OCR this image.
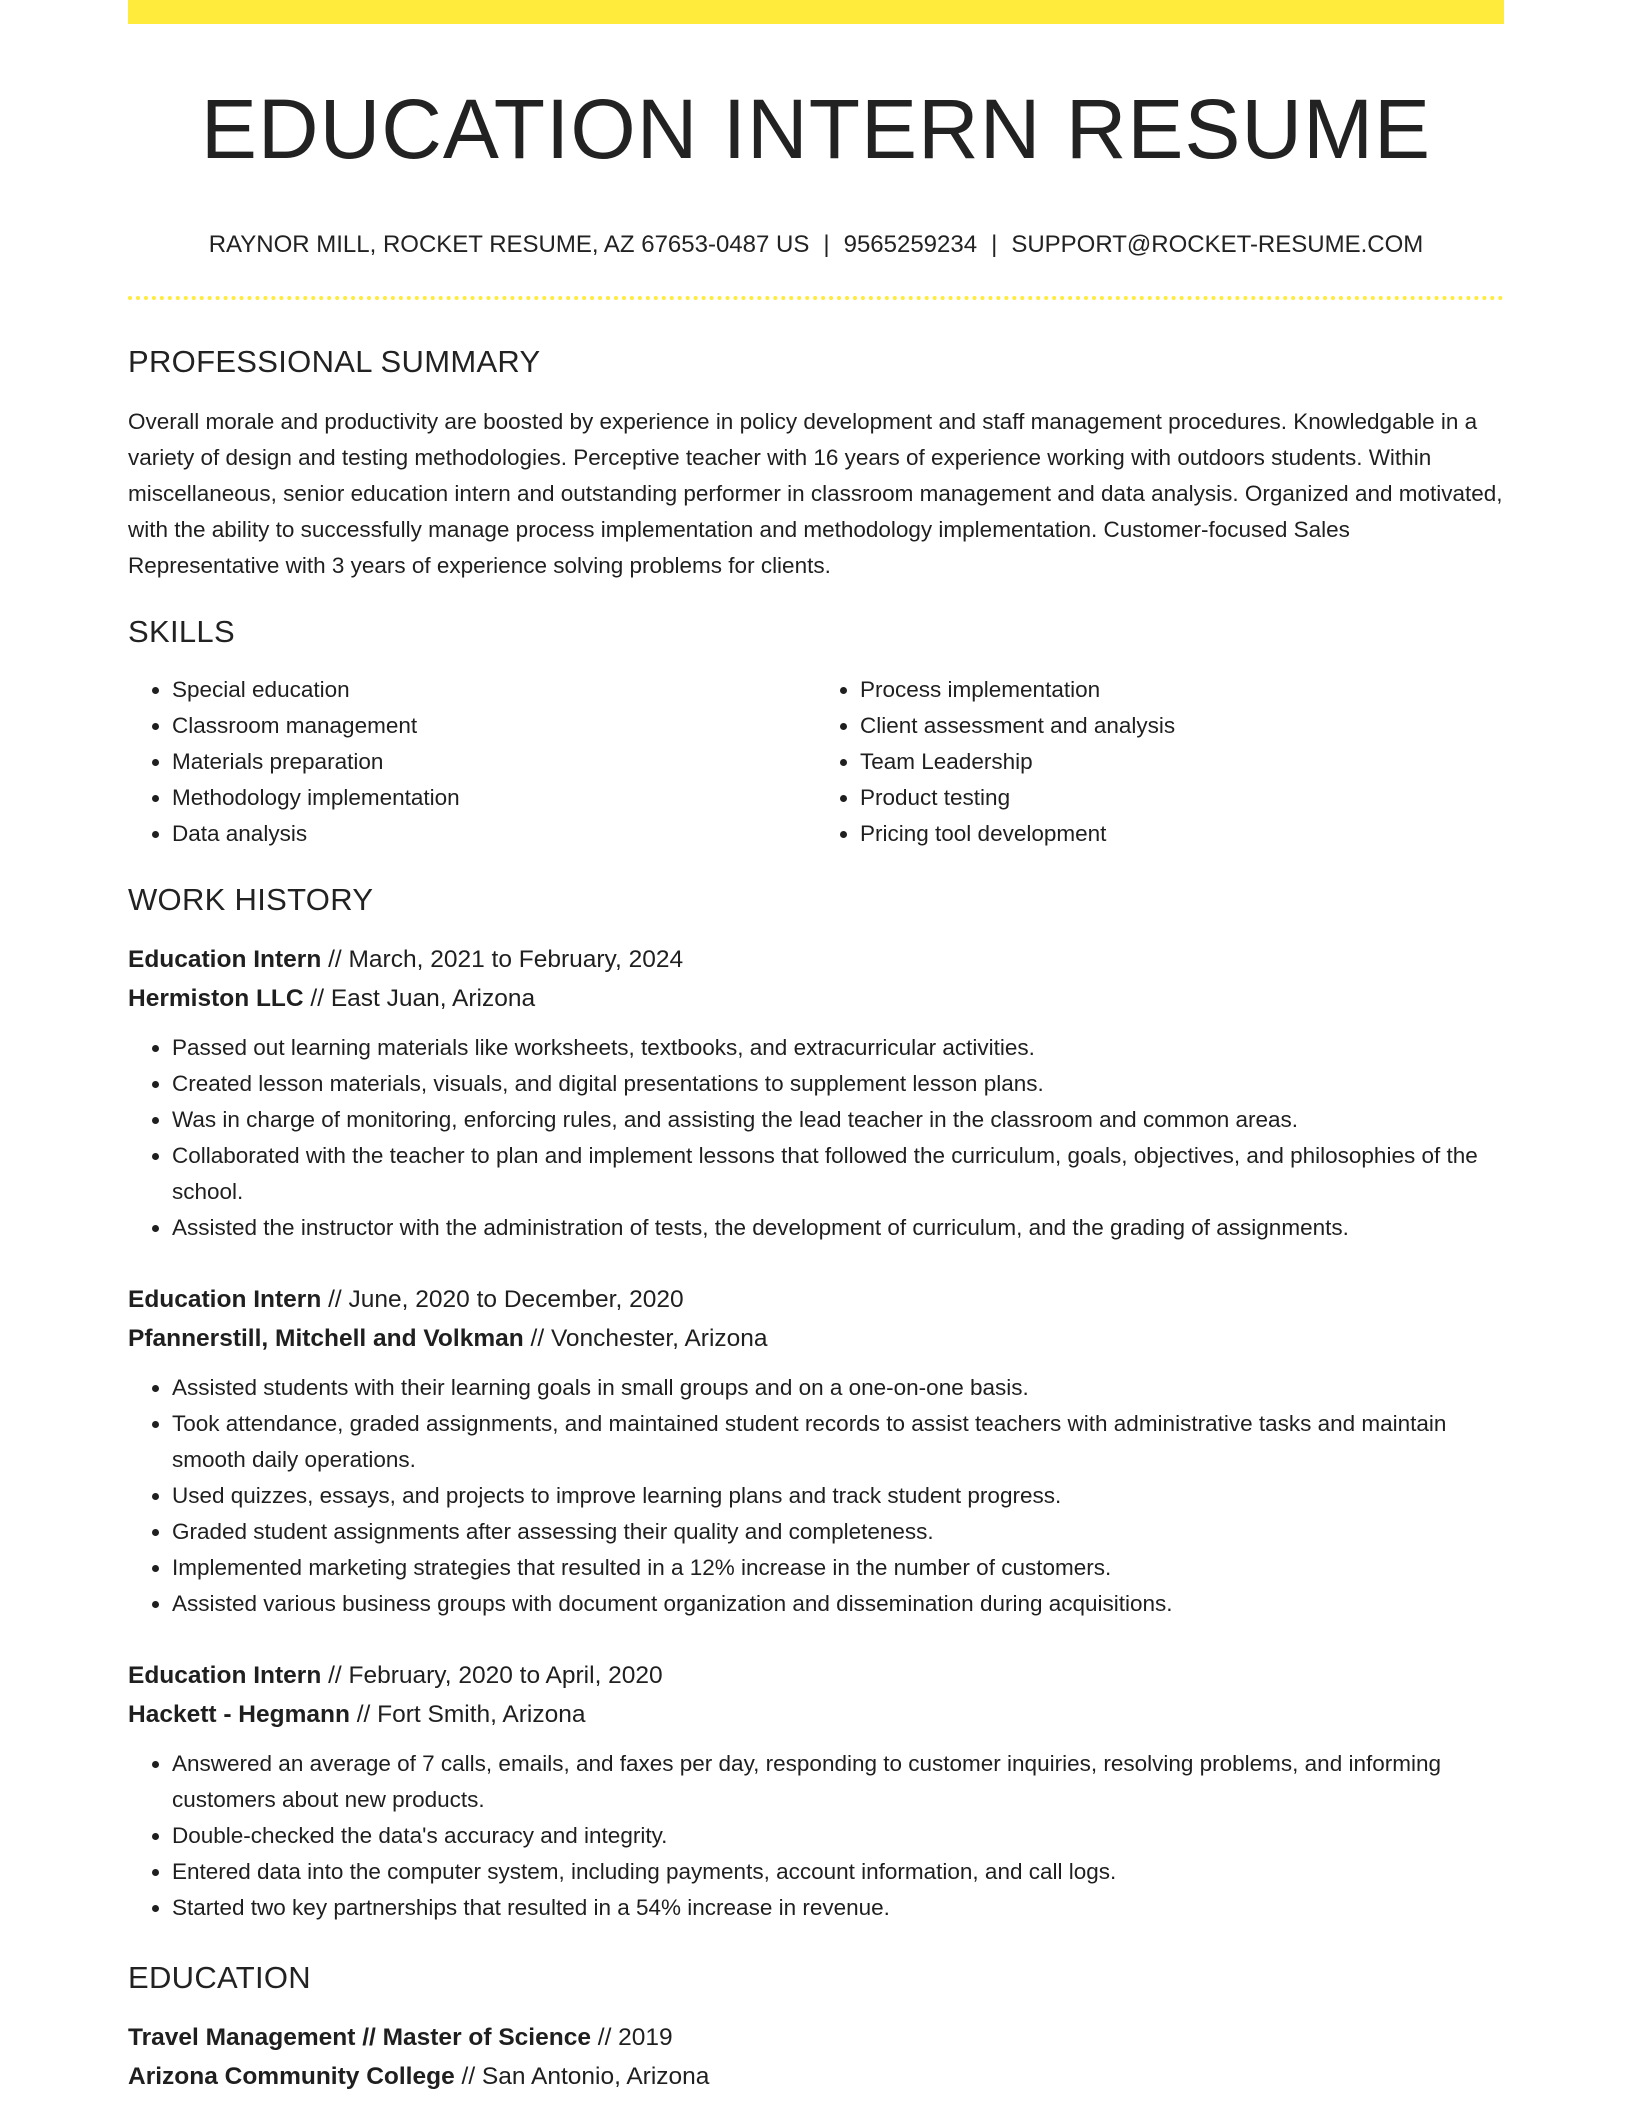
EDUCATION INTERN RESUME
RAYNOR MILL, ROCKET RESUME, AZ 67653-0487 US | 9565259234 | SUPPORT@ROCKET-RESUME.COM
PROFESSIONAL SUMMARY
Overall morale and productivity are boosted by experience in policy development and staff management procedures. Knowledgable in a variety of design and testing methodologies. Perceptive teacher with 16 years of experience working with outdoors students. Within miscellaneous, senior education intern and outstanding performer in classroom management and data analysis. Organized and motivated, with the ability to successfully manage process implementation and methodology implementation. Customer-focused Sales Representative with 3 years of experience solving problems for clients.
SKILLS
• Special education
• Classroom management
• Materials preparation
• Methodology implementation
• Data analysis
• Process implementation
• Client assessment and analysis
• Team Leadership
• Product testing
• Pricing tool development
WORK HISTORY
Education Intern // March, 2021 to February, 2024
Hermiston LLC // East Juan, Arizona
• Passed out learning materials like worksheets, textbooks, and extracurricular activities.
• Created lesson materials, visuals, and digital presentations to supplement lesson plans.
• Was in charge of monitoring, enforcing rules, and assisting the lead teacher in the classroom and common areas.
• Collaborated with the teacher to plan and implement lessons that followed the curriculum, goals, objectives, and philosophies of the school.
• Assisted the instructor with the administration of tests, the development of curriculum, and the grading of assignments.
Education Intern // June, 2020 to December, 2020
Pfannerstill, Mitchell and Volkman // Vonchester, Arizona
• Assisted students with their learning goals in small groups and on a one-on-one basis.
• Took attendance, graded assignments, and maintained student records to assist teachers with administrative tasks and maintain smooth daily operations.
• Used quizzes, essays, and projects to improve learning plans and track student progress.
• Graded student assignments after assessing their quality and completeness.
• Implemented marketing strategies that resulted in a 12% increase in the number of customers.
• Assisted various business groups with document organization and dissemination during acquisitions.
Education Intern // February, 2020 to April, 2020
Hackett - Hegmann // Fort Smith, Arizona
• Answered an average of 7 calls, emails, and faxes per day, responding to customer inquiries, resolving problems, and informing customers about new products.
• Double-checked the data's accuracy and integrity.
• Entered data into the computer system, including payments, account information, and call logs.
• Started two key partnerships that resulted in a 54% increase in revenue.
EDUCATION
Travel Management // Master of Science // 2019
Arizona Community College // San Antonio, Arizona
